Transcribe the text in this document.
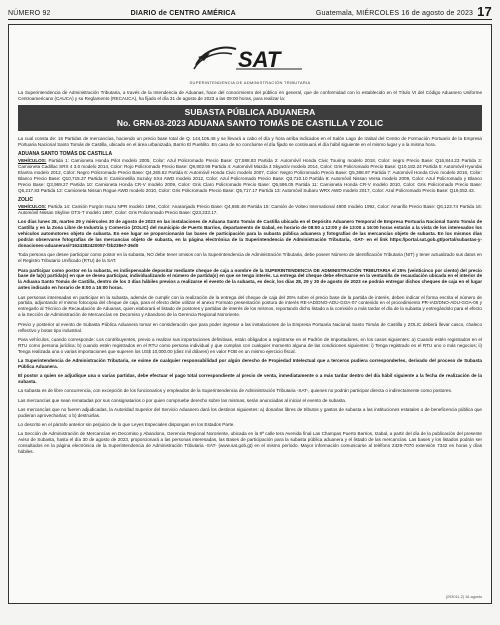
NÚMERO 92	DIARIO de CENTRO AMÉRICA	Guatemala, MIÉRCOLES 16 de agosto de 2023 17
SAT
SUPERINTENDENCIA DE ADMINISTRACIÓN TRIBUTARIA

La Superintendencia de Administración Tributaria, a través de la Intendencia de Aduanas, hace del conocimiento del público en general, que de conformidad con lo establecido en el Título VI del Código Aduanero Uniforme Centroamericano (CAUCA) y su Reglamento (RECAUCA), ha fijado el día 31 de agosto de 2023 a las 09:00 horas, para realizar la:

SUBASTA PÚBLICA ADUANERA
No. GRN-03-2023 ADUANA SANTO TOMÁS DE CASTILLA Y ZOLIC

La cual consta de: 16 Partidas de mercancías, haciendo un precio base total de Q. 144,105.48 y se llevará a cabo el día y hora arriba indicados en el Salón Lago de Izabal del Centro de Formación Portuario de la Empresa Portuaria Nacional Santo Tomás de Castilla, ubicado en el área urbanizada, Barrio El Pueblito. En caso de no concluirse el día fijado se continuará el día hábil siguiente en el mismo lugar y a la misma hora.

ADUANA SANTO TOMÁS DE CASTILLA

VEHÍCULOS: Partida 1: Camioneta Honda Pilot modelo 2005, Color: Azul Policromado Precio Base: Q7,588.83 Partida 2: Automóvil Honda Civic Touring modelo 2018, Color: negro Precio Base: Q16,844.23 Partida 3: Camioneta Cadillac SRX 4 3.6 modelo 2014, Color: Rojo Policromado Precio Base: Q9,802.98 Partida 4: Automóvil Mazda 3 Skyactiv modelo 2014, Color: Gris Policromado Precio Base: Q10,182.24 Partida 5: Automóvil Hyundai Elantra modelo 2012, Color: Negro Policromado Precio Base: Q4,265.62 Partida 6: Automóvil Honda Civic modelo 2007, Color: Negro Policromado Precio Base: Q5,388.97 Partida 7: Automóvil Honda Civic modelo 2016, Color: Blanco Precio Base: Q10,715.37 Partida 8: Camionetilla Suzuky SX4 AWD modelo 2012, Color: Azul Policromado Precio Base: Q3,710.10 Partida 9: Automóvil Nissan Versa modelo 2009, Color: Azul Policromado y Blanco Precio Base: Q3,969.27 Partida 10: Camioneta Honda CR-V modelo 2009, Color: Gris Claro Policromado Precio Base: Q5,596.05 Partida 11: Camioneta Honda CR-V modelo 2010, Color: Gris Policromado Precio Base: Q6,217.83 Partida 12: Camioneta Nissan Rogue AWD modelo 2010, Color: Gris Policromado Precio Base: Q5,717.17 Partida 13: Automóvil Subaru WRX AWD modelo 2017, Color: Azul Policromado Precio Base: Q19,052.43.

ZOLIC

VEHÍCULOS: Partida 14: Camión Furgón Isuzu NPR modelo 1994, Color: Anaranjado Precio Base: Q4,655.48 Partida 15: Camión de Volteo International 4900 modelo 1992, Color: Amarillo Precio Base: Q6,123.74 Partida 16: Automóvil Nissan Skyline GTS-T modelo 1997, Color: Gris Policromado Precio Base: Q23,233.17.

Los días lunes 28, martes 29 y miércoles 30 de agosto de 2023 en las instalaciones de Aduana Santo Tomás de Castilla ubicada en el Depósito Aduanero Temporal de Empresa Portuaria Nacional Santo Tomás de Castilla y en la Zona Libre de Industria y Comercio (ZOLIC) del municipio de Puerto Barrios, departamento de Izabal, en horario de 08:00 a 12:00 y de 13:00 a 16:00 horas estarán a la vista de los interesados los vehículos automotores objeto de subasta. En ese lugar se proporcionarán las bases de participación para la subasta pública aduanera y fotografías de las mercancías objeto de subasta. En los mismos días podrán observarse fotografías de las mercancías objeto de subasta, en la página electrónica de la Superintendencia de Administración Tributaria, -SAT- en el link https://portal.sat.gob.gt/portal/subastas-y-donaciones-aduaneras/#1624382420057-f3b238e7-36d0

Toda persona que desee participar como postor en la subasta, NO debe tener omisos con la Superintendencia de Administración Tributaria, debe poseer Número de Identificación Tributaria (NIT) y tener actualizado sus datos en el Registro Tributario Unificado (RTU) de la SAT.

Para participar como postor en la subasta, es indispensable depositar mediante cheque de caja a nombre de la SUPERINTENDENCIA DE ADMINISTRACIÓN TRIBUTARIA el 25% (veinticinco por ciento) del precio base de la(s) partida(s) en que se desea participar, individualizando el número de partida(s) en que se tenga interés. La entrega del cheque debe efectuarse en la ventanilla de recaudación ubicada en el interior de la Aduana Santo Tomás de Castilla, dentro de los 3 días hábiles previos a realizarse el evento de la subasta, es decir, los días 28, 29 y 30 de agosto de 2023 se podrán entregar dichos cheques de caja en el lugar antes indicado en horario de 8:00 a 16:00 horas.

Las personas interesadas en participar en la subasta, además de cumplir con la realización de la entrega del cheque de caja del 25% sobre el precio base de la partida de interés, deben indicar el forma escrita el número de partida, adjuntando el mismo fotocopia del cheque de caja, para el efecto debe utilizar el anexo Formato presentación postura de interés RE-IAD/DNO-ADU-GOA-07 contenido en el procedimiento PR-IAD/DNO-ADU-GOA-06 y entregarlo al Técnico de Recaudación de Aduanas, quien elaborará el listado de postores y partidas de interés de los mismos, reportando dicho listado a la comisión a más tardar el día de la subasta y entregándolo para el efecto a la Sección de Administración de Mercancías en Decomiso y Abandono de la Gerencia Regional Nororiente.

Previo y posterior al evento de Subasta Pública Aduanera tomar en consideración que para poder ingresar a las instalaciones de la Empresa Portuaria Nacional Santo Tomás de Castilla y ZOLIC deberá llevar casco, chaleco reflectivo y botas tipo industrial.

Para vehículos, cuando corresponde: Los contribuyentes, previo a realizar sus importaciones definitivas, están obligados a registrarse en el Padrón de Importadores, en los casos siguientes: a) Cuando estén registrados en el RTU como persona jurídica; b) cuando estén registrados en el RTU como persona individual y que cumplan con cualquier momento alguna de las condiciones siguientes: i) Tenga registrado en el RTU uno o más negocios; ii) Tenga realizada una o varias importaciones que superen los US$ 10,000.00 (diez mil dólares) en valor FOB en un mismo ejercicio fiscal.

La Superintendencia de Administración Tributaria, se exime de cualquier responsabilidad por algún derecho de Propiedad Intelectual que a terceros pudiera corresponderles, derivado del proceso de Subasta Pública Aduanera.

El postor a quien se adjudique una o varias partidas, debe efectuar el pago total correspondiente al precio de venta, inmediatamente o a más tardar dentro del día hábil siguiente a la fecha de realización de la subasta.

La subasta es de libre concurrencia, con excepción de los funcionarios y empleados de la Superintendencia de Administración Tributaria -SAT-, quienes no podrán participar directa o indirectamente como postores.

Las mercancías que sean rematadas por sus consignatarios o por quien compruebe derecho sobre las mismas, serán anunciadas al iniciar el evento de subasta.

Las mercancías que no fueren adjudicadas, la Autoridad Superior del Servicio Aduanero dará los destinos siguientes: a) donarlas libres de tributos y gastos de subasta a las instituciones estatales o de beneficencia pública que pudieran aprovecharlas; o b) destruirlas.

Lo descrito en el párrafo anterior sin perjuicio de lo que Leyes Especiales dispongan en los Estados Parte.

La Sección de Administración de Mercancías en Decomiso y Abandono, Gerencia Regional Nororiente, ubicada en la 9ª calle tera Avenida final Las Champas Puerto Barrios, Izabal, a partir del día de la publicación del presente Aviso de Subasta, hasta el día 30 de agosto de 2023, proporcionará a las personas interesadas, las Bases de participación para la subasta pública aduanera y el listado de las mercancías. Las bases y los listados podrán ser consultados en la página electrónica de la Superintendencia de Administración Tributaria -SAT- (www.sat.gob.gt) en el mismo período. Mayor información comunicarse al teléfono 2329-7070 extensión 7342 en horas y días hábiles.

(293011-2) 16-agosto
